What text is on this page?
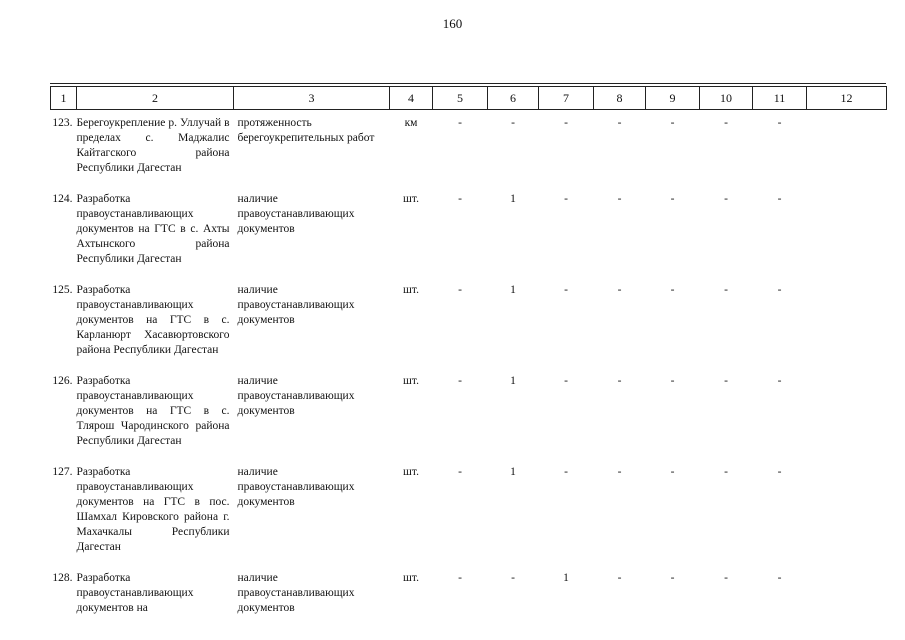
160
1	2	3	4	5	6	7	8	9	10	11	12
123.	Берегоукрепление р. Уллучай в пределах с. Маджалис Кайтагского района Республики Дагестан	протяженность берегоукрепительных работ	км	-	-	-	-	-	-	-	

124.	Разработка правоустанавливающих документов на ГТС в с. Ахты Ахтынского района Республики Дагестан	наличие правоустанавливающих документов	шт.	-	1	-	-	-	-	-	

125.	Разработка правоустанавливающих документов на ГТС в с. Карланюрт Хасавюртовского района Республики Дагестан	наличие правоустанавливающих документов	шт.	-	1	-	-	-	-	-	

126.	Разработка правоустанавливающих документов на ГТС в с. Тлярош Чародинского района Республики Дагестан	наличие правоустанавливающих документов	шт.	-	1	-	-	-	-	-	

127.	Разработка правоустанавливающих документов на ГТС в пос. Шамхал Кировского района г. Махачкалы Республики Дагестан	наличие правоустанавливающих документов	шт.	-	1	-	-	-	-	-	

128.	Разработка правоустанавливающих документов на	наличие правоустанавливающих документов	шт.	-	-	1	-	-	-	-	
